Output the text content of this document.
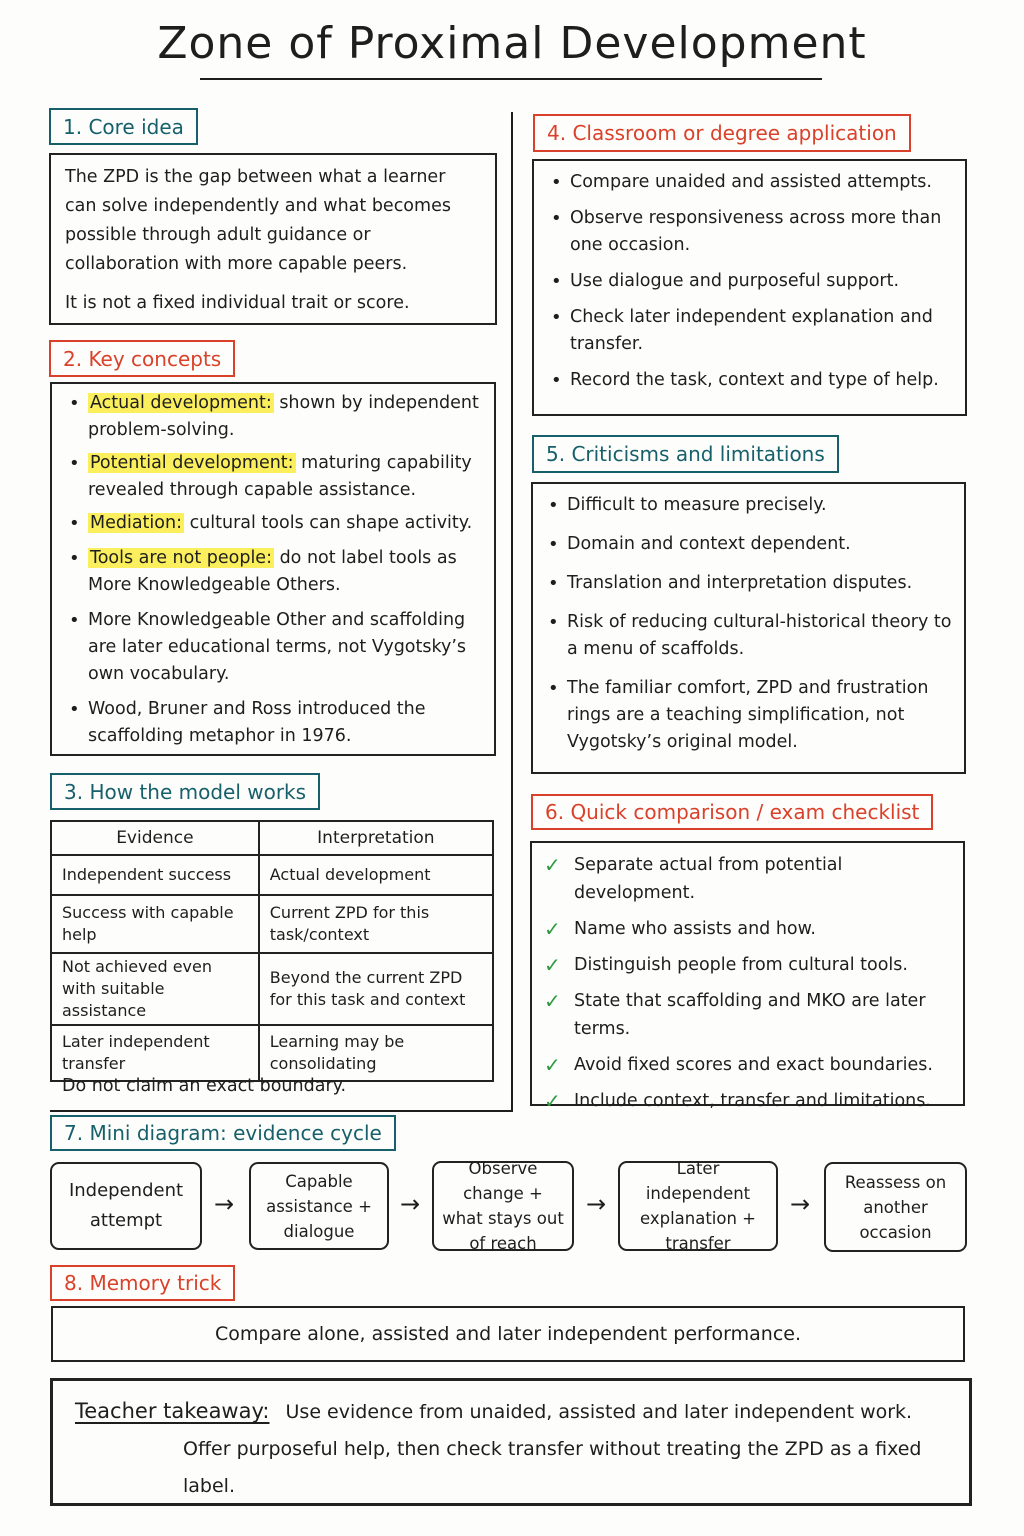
Zone of Proximal Development
1. Core idea

The ZPD is the gap between what a learner can solve independently and what becomes possible through adult guidance or collaboration with more capable peers.

It is not a fixed individual trait or score.

2. Key concepts
• Actual development: shown by independent problem-solving.
• Potential development: maturing capability revealed through capable assistance.
• Mediation: cultural tools can shape activity.
• Tools are not people: do not label tools as More Knowledgeable Others.
• More Knowledgeable Other and scaffolding are later educational terms, not Vygotsky’s own vocabulary.
• Wood, Bruner and Ross introduced the scaffolding metaphor in 1976.
3. How the model works
Evidence	Interpretation
Independent success	Actual development
Success with capable help	Current ZPD for this task/context
Not achieved even with suitable assistance	Beyond the current ZPD for this task and context
Later independent transfer	Learning may be consolidating
Do not claim an exact boundary.
4. Classroom or degree application
• Compare unaided and assisted attempts.
• Observe responsiveness across more than one occasion.
• Use dialogue and purposeful support.
• Check later independent explanation and transfer.
• Record the task, context and type of help.
5. Criticisms and limitations
• Difficult to measure precisely.
• Domain and context dependent.
• Translation and interpretation disputes.
• Risk of reducing cultural-historical theory to a menu of scaffolds.
• The familiar comfort, ZPD and frustration rings are a teaching simplification, not Vygotsky’s original model.
6. Quick comparison / exam checklist
✓ Separate actual from potential development.
✓ Name who assists and how.
✓ Distinguish people from cultural tools.
✓ State that scaffolding and MKO are later terms.
✓ Avoid fixed scores and exact boundaries.
✓ Include context, transfer and limitations.
7. Mini diagram: evidence cycle
Independent attempt
→
Capable assistance + dialogue
→
Observe change + what stays out of reach
→
Later independent explanation + transfer
→
Reassess on another occasion
8. Memory trick
Compare alone, assisted and later independent performance.
Teacher takeaway: Use evidence from unaided, assisted and later independent work.
Offer purposeful help, then check transfer without treating the ZPD as a fixed label.
